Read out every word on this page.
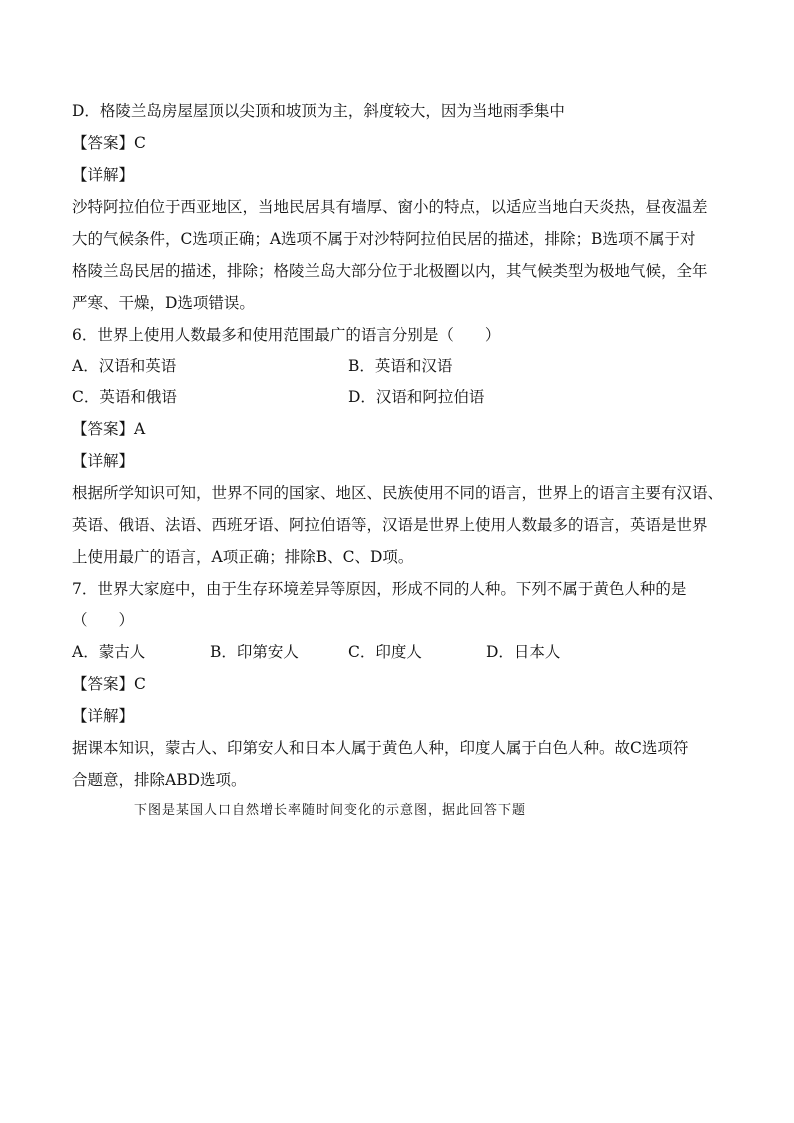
D．格陵兰岛房屋屋顶以尖顶和坡顶为主，斜度较大，因为当地雨季集中
【答案】C
【详解】
沙特阿拉伯位于西亚地区，当地民居具有墙厚、窗小的特点，以适应当地白天炎热，昼夜温差
大的气候条件，C选项正确；A选项不属于对沙特阿拉伯民居的描述，排除；B选项不属于对
格陵兰岛民居的描述，排除；格陵兰岛大部分位于北极圈以内，其气候类型为极地气候，全年
严寒、干燥，D选项错误。
6．世界上使用人数最多和使用范围最广的语言分别是（　　）
A．汉语和英语	B．英语和汉语
C．英语和俄语	D．汉语和阿拉伯语
【答案】A
【详解】
根据所学知识可知，世界不同的国家、地区、民族使用不同的语言，世界上的语言主要有汉语、
英语、俄语、法语、西班牙语、阿拉伯语等，汉语是世界上使用人数最多的语言，英语是世界
上使用最广的语言，A项正确；排除B、C、D项。
7．世界大家庭中，由于生存环境差异等原因，形成不同的人种。下列不属于黄色人种的是
（　　）
A．蒙古人	B．印第安人	C．印度人	D．日本人
【答案】C
【详解】
据课本知识，蒙古人、印第安人和日本人属于黄色人种，印度人属于白色人种。故C选项符
合题意，排除ABD选项。
下图是某国人口自然增长率随时间变化的示意图，据此回答下题
